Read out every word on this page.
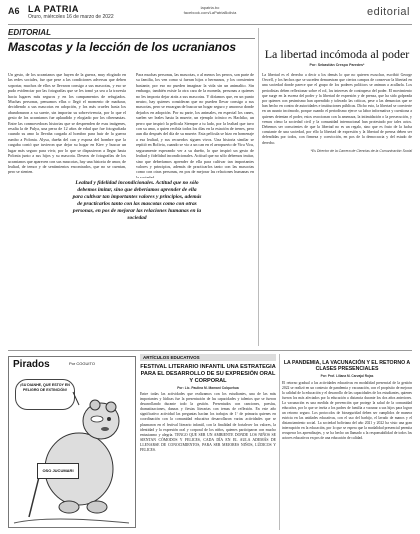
A6 LA PATRIA
Oruro, miércoles 16 de marzo de 2022
lapatria.bo
facebook.com/LaPatriaBolivia	editorial
EDITORIAL
Mascotas y la lección de los ucranianos
Un gesto, de los ucranianos que huyen de la guerra, muy elogiado en las redes sociales, fue que pese a las condiciones adversas que deben soportar, muchos de ellos se llevaron consigo a sus mascotas, y eso se pudo evidenciar por las fotografías que se les tomó ya sea a la travesía hacia lugares más seguros y en los campamentos de refugiados. Muchas personas, pensamos ellas o llegó el momento de madurar, decidiendo a sus mascotas en adopción, y los más crueles hasta los abandonaron a su suerte, sin importar su sobrevivencia, por lo que el gesto de los ucranianos fue aplaudido y elogiado por los cibernautas. Entre las conmovedoras historias que se desprenden de esas imágenes, resalta la de Pulya, una perra de 12 años de edad que fue fotografiada cuando su amo la llevaba cargada al hombro para huir de la guerra rumbo a Polonia. Alysa, dueña del can y esposa del hombre que la cargaba contó que tuvieron que dejar su hogar en Kiev y buscar un lugar más seguro para vivir, por lo que se dispusieron a llegar hasta Polonia junto a sus hijos y su mascota. Deseos de fotografías de los ucranianos que aparecen con sus mascotas, hay una historia de amor, de lealtad, de temor y de sentimientos encontrados, que no se cuentan, pero se sienten.
Para muchas personas, las mascotas, o al menos los perros, son parte de su familia, los ven como si fueran hijos o hermanos, y los consienten bastante, por eso no pueden imaginar la vida sin un animalito. Sin embargo, también existe la otra cara de la moneda, personas a quienes no les importa dejar atrás a sus mascotas. Y diríamos que, en un punto neutro, hay quienes consideran que no pueden llevar consigo a sus mascotas, pero se encargan de buscar un hogar seguro y amoroso donde dejarlos en adopción. Por su parte, los animales, en especial los canes, suelen ser leales hasta la muerte, un ejemplo icónico es Hachiko, un perro que inspiró la película Siempre a tu lado, por la lealtad que tuvo con su amo, a quien recibía todos los días en la estación de trenes, pero aun día después del día de su muerte. Esta película se hizo en homenaje a esa lealtad, y sus recuerdos siguen vivos. Una historia similar se repitió en Bolivia, cuando se vio a un can en el aeropuerto de Viru Viru, seguramente esperando ver a su dueño, lo que inspiró un gesto de lealtad y fidelidad incondicionales. Actitud que no sólo debemos imitar, sino que deberíamos aprender de ella para cultivar tan importantes valores y principios, además de practicarlos tanto con las mascotas como con otras personas, en pos de mejorar las relaciones humanas en
Lealtad y fidelidad incondicionales. Actitud que no sólo debemos imitar, sino que deberíamos aprender de ella para cultivar tan importantes valores y principios, además de practicarlos tanto con las mascotas como con otras personas, en pos de mejorar las relaciones humanas en la sociedad
La libertad incómoda al poder
Por: Sebastián Crespo Paredes*
La libertad es el derecho a decir a los demás lo que no quieren escuchar, escribió George Orwell, y los hechos que se suceden demuestran que ciertos campos de conservar la libertad en una sociedad donde parece que el grupo de los poderes políticos se animan a acallarla. Los periodistas deben reflexionar sobre el rol, los intereses de contrapeso del poder. El movimiento que surge en la escena del poder y la libertad de expresión y de prensa, que ha sido golpeada por quienes con pesimismo han aprendido y tolerado las críticas, pese a las denuncias que se han hecho en contra de autoridades e instituciones públicas. Dicho esto, la libertad se convierte en un asunto incómodo, porque cuando el periodismo ejerce su labor informativa y cuestiona a quienes detentan el poder, estos reaccionan con la amenaza, la intimidación o la persecución, y vemos cómo la sociedad civil y la comunidad internacional han protestado por tales actos. Debemos ser conscientes de que la libertad no es un regalo, sino que es fruto de la lucha constante de una sociedad, por ello la libertad de expresión y la libertad de prensa deben ser defendidas por todos, con firmeza y convicción, en pos de la democracia y del estado de derecho.
*Es Director de la Carrera de Ciencias de la Comunicación Social
Pirados	Por COGUITO
¡SU DIANHE, QUE ESTOY EN PELIGRO DE EXTINCIÓN!
OSO JUCUMARI
ARTÍCULOS EDUCATIVOS
FESTIVAL LITERARIO INFANTIL UNA ESTRATEGIA PARA EL DESARROLLO DE SU EXPRESIÓN ORAL Y CORPORAL
Por: Lic. Paulina M. Mamani Colquehua
Entre todas las actividades que realizamos con los estudiantes, una de las más importantes y lúdicas fue la presentación de las capacidades y talentos que se fueron desarrollando durante todo la gestión. Presentados con canciones, poesías, dramatizaciones, danzas y fiestas literarias con temas de reflexión. En este año significativo actividad las preguntas hacían los trabajos de 1º de primaria quienes en coordinación con la comunidad educativa desarrollaron varias actividades que se plasmaron en el festival literario infantil, con la finalidad de fortalecer los valores, la identidad y la expresión oral y corporal de los niños, quienes participaron con mucho entusiasmo y alegría. TENGO QUE SER UN AMBIENTE DONDE LOS NIÑOS SE SIENTAN CÓMODOS Y FELICES, CADA DÍA EN EL AULA ADEMÁS DE LLENARSE DE CONOCIMIENTOS, PARA SER MEJORES NIÑOS, LÚDICOS Y FELICES.
LA PANDEMIA, LA VACUNACIÓN Y EL RETORNO A CLASES PRESENCIALES
Por: Prof. Liliana M. Carvajal Rojas
El retorno gradual a las actividades educativas en modalidad presencial de la gestión 2022 se realizó en un contexto de pandemia y vacunación, con el propósito de mejorar la calidad de la educación y el desarrollo de las capacidades de los estudiantes, quienes fueron los más afectados por la educación a distancia durante los dos años anteriores. La vacunación es una medida de prevención que protege la salud de la comunidad educativa, por lo que se invita a los padres de familia a vacunar a sus hijos para lograr un retorno seguro. Los protocolos de bioseguridad deben ser cumplidos de manera estricta en las unidades educativas, con el uso del barbijo, el lavado de manos y el distanciamiento social. La sociedad boliviana del año 2021 y 2022 ha visto una gran interrupción en la educación, por lo que se espera que la modalidad presencial permita recuperar los aprendizajes, y se ha hecho un llamado a la responsabilidad de todos los actores educativos en pos de una educación de calidad.
